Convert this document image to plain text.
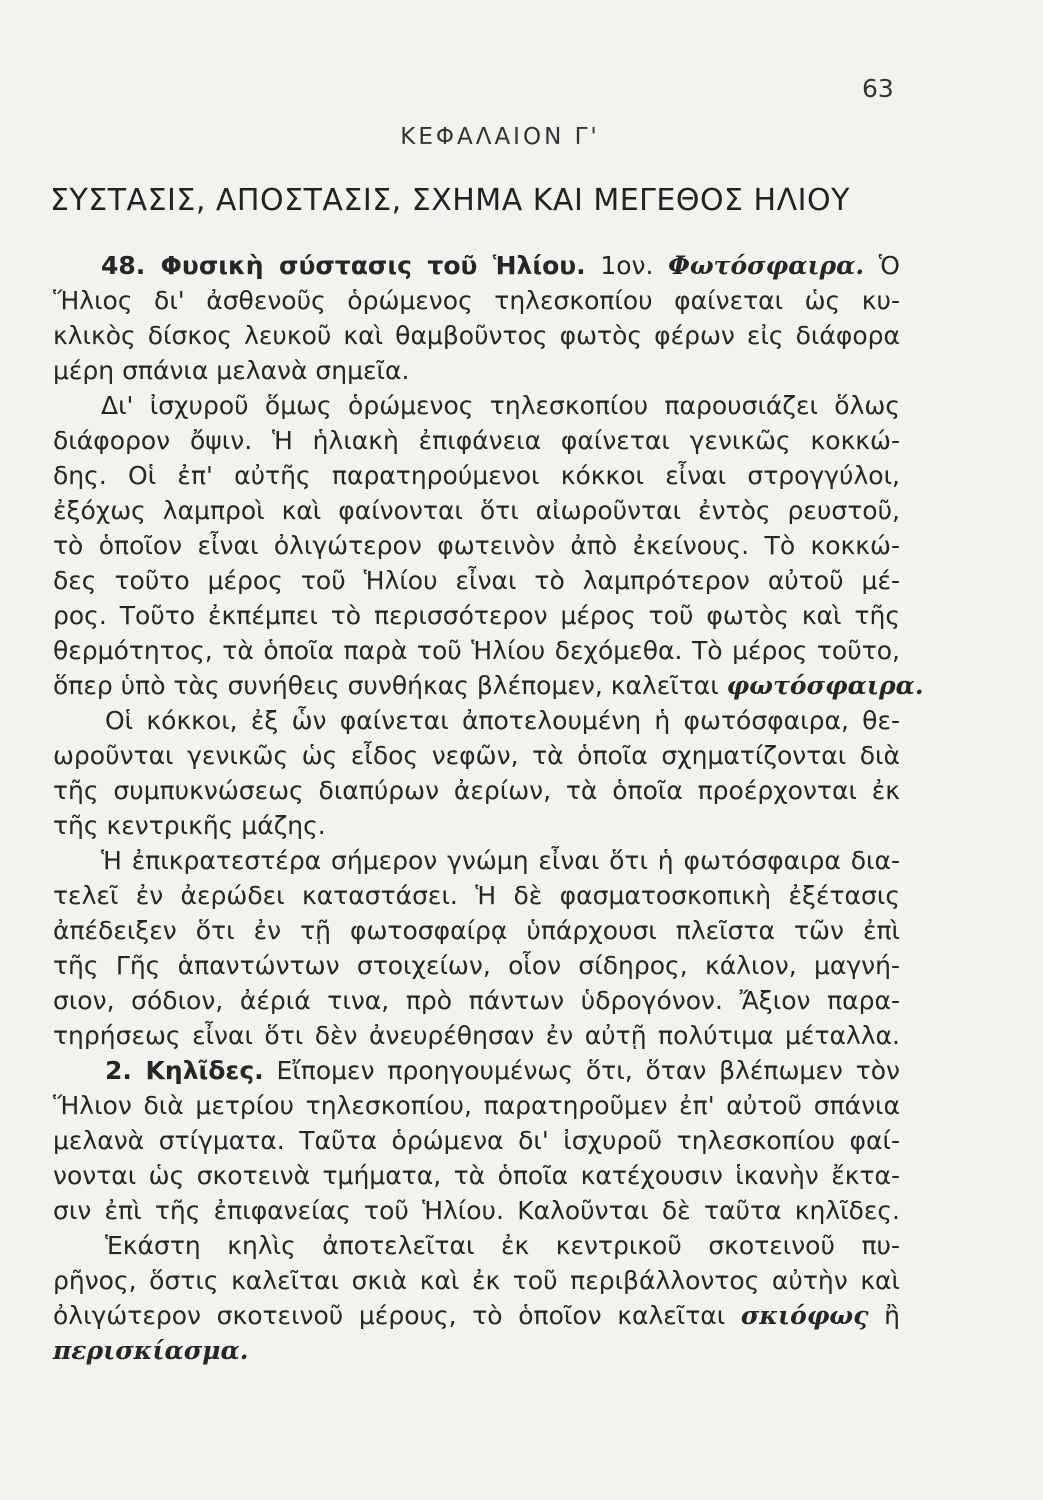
63
ΚΕΦΑΛΑΙΟΝ Γ'
ΣΥΣΤΑΣΙΣ, ΑΠΟΣΤΑΣΙΣ, ΣΧΗΜΑ ΚΑΙ ΜΕΓΕΘΟΣ ΗΛΙΟΥ
48. Φυσικὴ σύστασις τοῦ Ἡλίου. 1ον. Φωτόσφαιρα. Ὁ
Ἥλιος δι' ἀσθενοῦς ὁρώμενος τηλεσκοπίου φαίνεται ὡς κυ-
κλικὸς δίσκος λευκοῦ καὶ θαμβοῦντος φωτὸς φέρων εἰς διάφορα
μέρη σπάνια μελανὰ σημεῖα.
Δι' ἰσχυροῦ ὅμως ὁρώμενος τηλεσκοπίου παρουσιάζει ὅλως
διάφορον ὄψιν. Ἡ ἡλιακὴ ἐπιφάνεια φαίνεται γενικῶς κοκκώ-
δης. Οἱ ἐπ' αὐτῆς παρατηρούμενοι κόκκοι εἶναι στρογγύλοι,
ἐξόχως λαμπροὶ καὶ φαίνονται ὅτι αἰωροῦνται ἐντὸς ρευστοῦ,
τὸ ὁποῖον εἶναι ὀλιγώτερον φωτεινὸν ἀπὸ ἐκείνους. Τὸ κοκκώ-
δες τοῦτο μέρος τοῦ Ἡλίου εἶναι τὸ λαμπρότερον αὐτοῦ μέ-
ρος. Τοῦτο ἐκπέμπει τὸ περισσότερον μέρος τοῦ φωτὸς καὶ τῆς
θερμότητος, τὰ ὁποῖα παρὰ τοῦ Ἡλίου δεχόμεθα. Τὸ μέρος τοῦτο,
ὅπερ ὑπὸ τὰς συνήθεις συνθήκας βλέπομεν, καλεῖται φωτόσφαιρα.
Οἱ κόκκοι, ἐξ ὧν φαίνεται ἀποτελουμένη ἡ φωτόσφαιρα, θε-
ωροῦνται γενικῶς ὡς εἶδος νεφῶν, τὰ ὁποῖα σχηματίζονται διὰ
τῆς συμπυκνώσεως διαπύρων ἀερίων, τὰ ὁποῖα προέρχονται ἐκ
τῆς κεντρικῆς μάζης.
Ἡ ἐπικρατεστέρα σήμερον γνώμη εἶναι ὅτι ἡ φωτόσφαιρα δια-
τελεῖ ἐν ἀερώδει καταστάσει. Ἡ δὲ φασματοσκοπικὴ ἐξέτασις
ἀπέδειξεν ὅτι ἐν τῇ φωτοσφαίρᾳ ὑπάρχουσι πλεῖστα τῶν ἐπὶ
τῆς Γῆς ἁπαντώντων στοιχείων, οἷον σίδηρος, κάλιον, μαγνή-
σιον, σόδιον, ἀέριά τινα, πρὸ πάντων ὑδρογόνον. Ἄξιον παρα-
τηρήσεως εἶναι ὅτι δὲν ἀνευρέθησαν ἐν αὐτῇ πολύτιμα μέταλλα.
2. Κηλῖδες. Εἴπομεν προηγουμένως ὅτι, ὅταν βλέπωμεν τὸν
Ἥλιον διὰ μετρίου τηλεσκοπίου, παρατηροῦμεν ἐπ' αὐτοῦ σπάνια
μελανὰ στίγματα. Ταῦτα ὁρώμενα δι' ἰσχυροῦ τηλεσκοπίου φαί-
νονται ὡς σκοτεινὰ τμήματα, τὰ ὁποῖα κατέχουσιν ἱκανὴν ἔκτα-
σιν ἐπὶ τῆς ἐπιφανείας τοῦ Ἡλίου. Καλοῦνται δὲ ταῦτα κηλῖδες.
Ἑκάστη κηλὶς ἀποτελεῖται ἐκ κεντρικοῦ σκοτεινοῦ πυ-
ρῆνος, ὅστις καλεῖται σκιὰ καὶ ἐκ τοῦ περιβάλλοντος αὐτὴν καὶ
ὀλιγώτερον σκοτεινοῦ μέρους, τὸ ὁποῖον καλεῖται σκιόφως ἢ
περισκίασμα.
